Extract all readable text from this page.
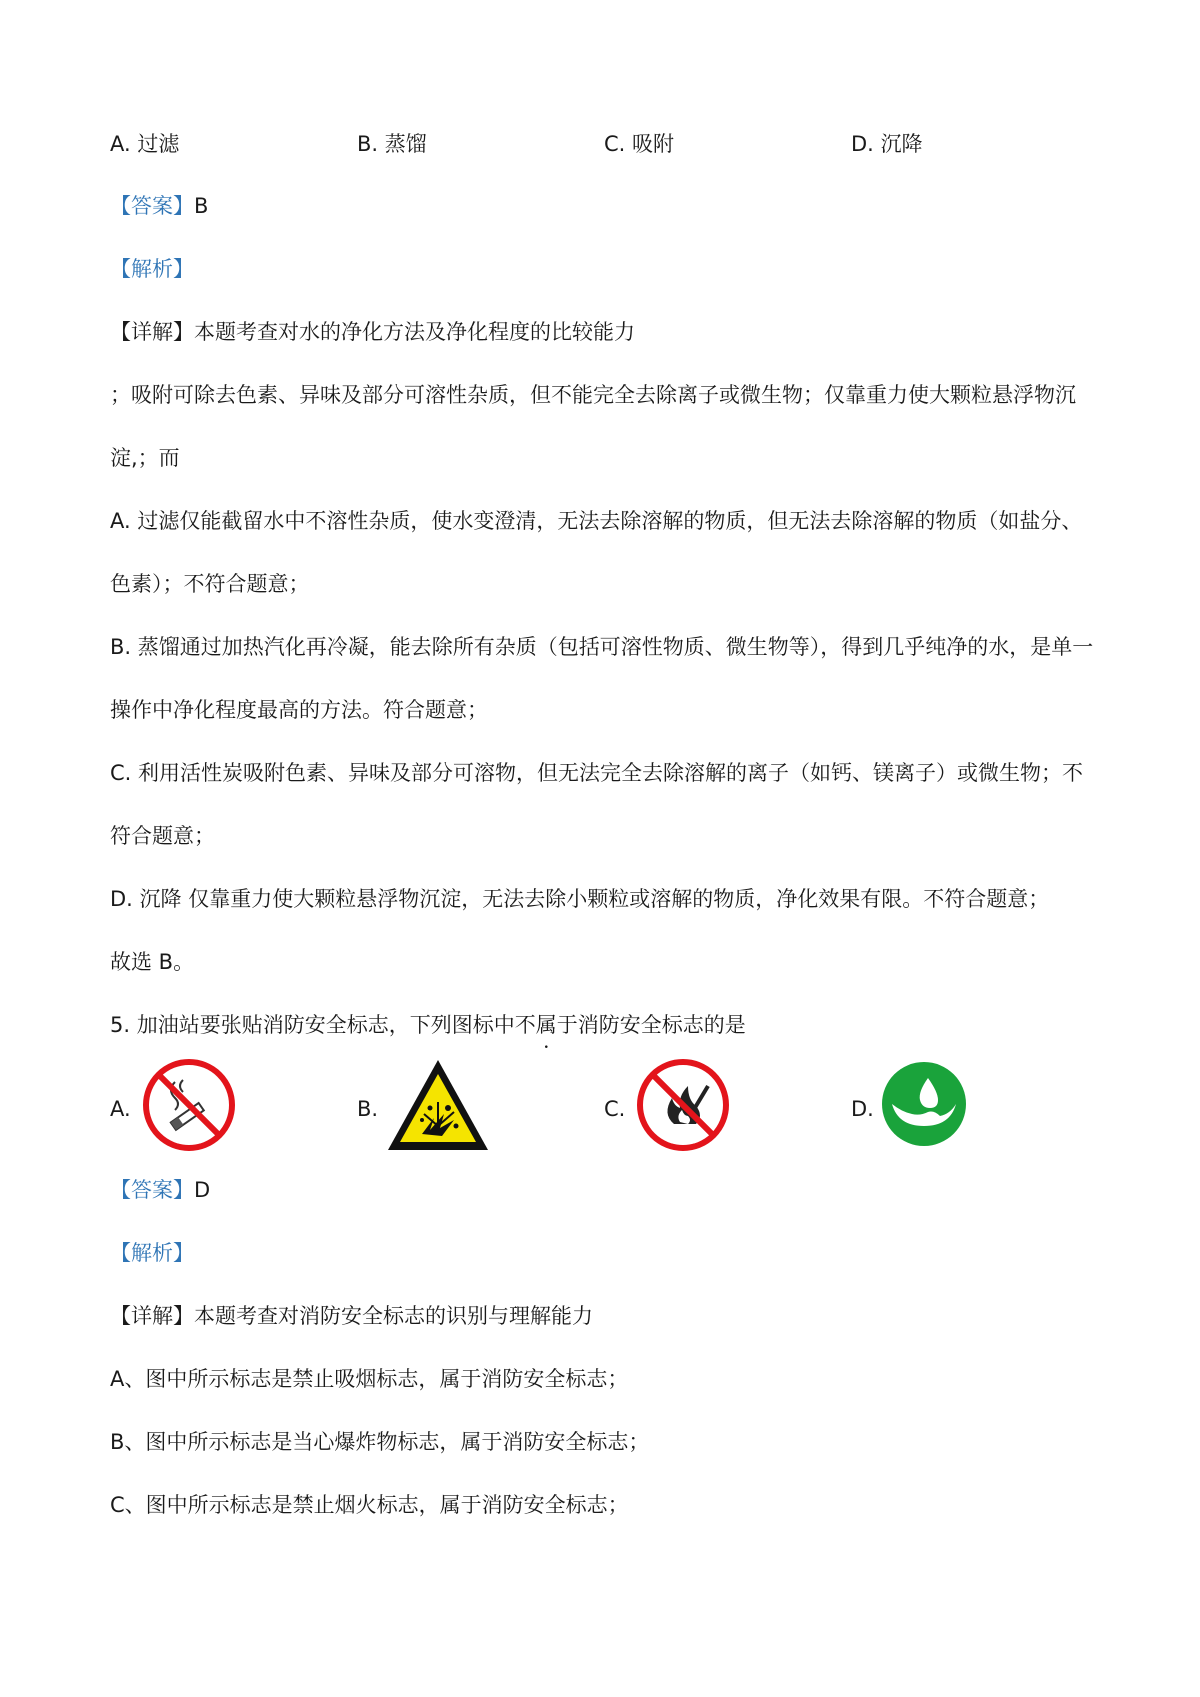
A. 过滤	B. 蒸馏	C. 吸附	D. 沉降
【答案】B
【解析】
【详解】本题考查对水的净化方法及净化程度的比较能力
；吸附可除去色素、异味及部分可溶性杂质，但不能完全去除离子或微生物；仅靠重力使大颗粒悬浮物沉
淀,；而
A. 过滤仅能截留水中不溶性杂质，使水变澄清，无法去除溶解的物质，但无法去除溶解的物质（如盐分、
色素）；不符合题意；
B. 蒸馏通过加热汽化再冷凝，能去除所有杂质（包括可溶性物质、微生物等），得到几乎纯净的水，是单一
操作中净化程度最高的方法。符合题意；
C. 利用活性炭吸附色素、异味及部分可溶物，但无法完全去除溶解的离子（如钙、镁离子）或微生物；不
符合题意；
D. 沉降 仅靠重力使大颗粒悬浮物沉淀，无法去除小颗粒或溶解的物质，净化效果有限。不符合题意；
故选 B。
5. 加油站要张贴消防安全标志，下列图标中不属于消防安全标志的是
A.	B.	C.	D.
【答案】D
【解析】
【详解】本题考查对消防安全标志的识别与理解能力
A、图中所示标志是禁止吸烟标志，属于消防安全标志；
B、图中所示标志是当心爆炸物标志，属于消防安全标志；
C、图中所示标志是禁止烟火标志，属于消防安全标志；
